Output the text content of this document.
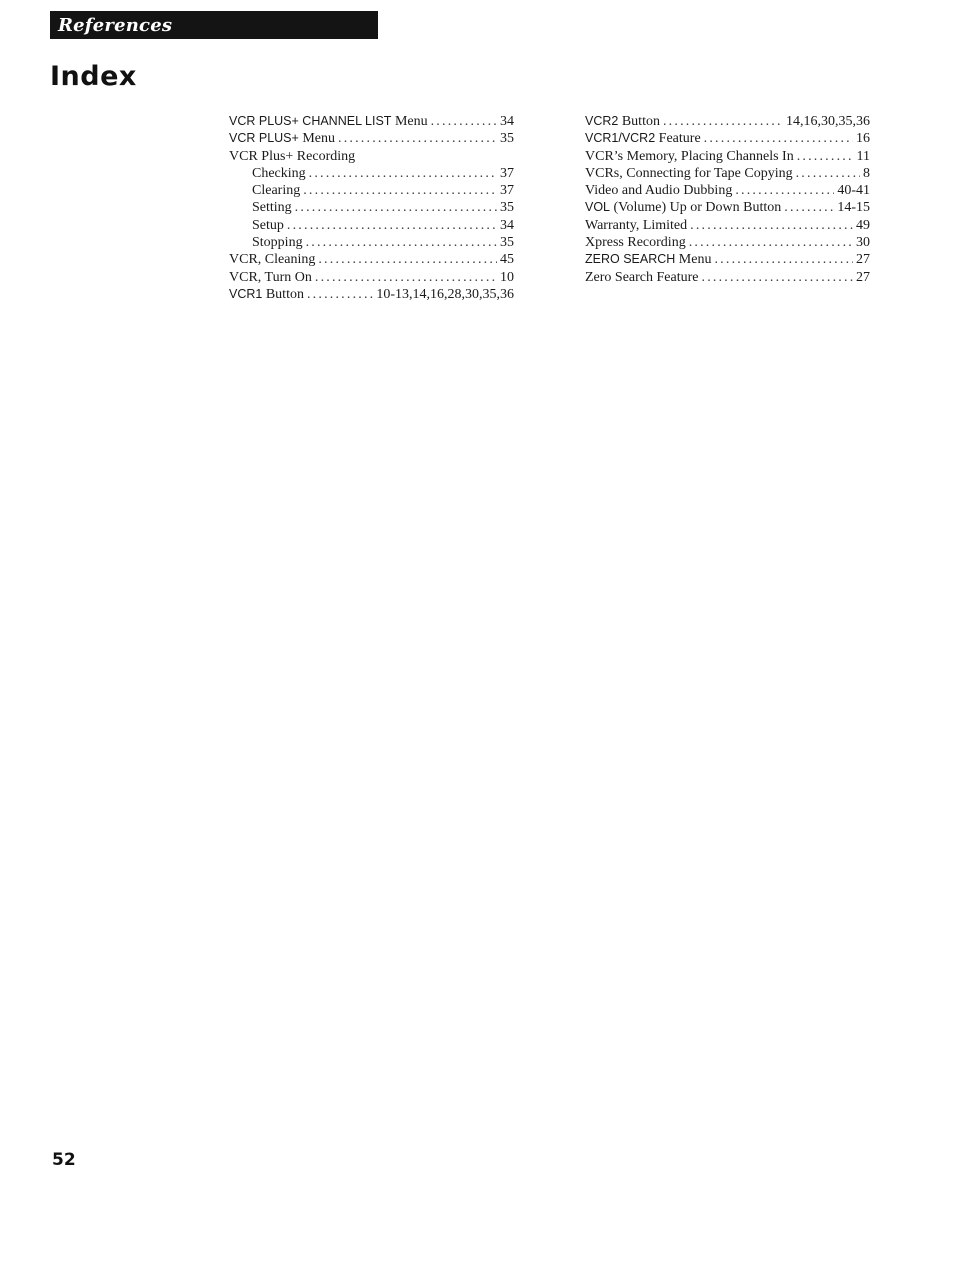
References
Index
VCR PLUS+ CHANNEL LIST Menu .....	34
VCR PLUS+ Menu .....	35
VCR Plus+ Recording
Checking .....	37
Clearing .....	37
Setting .....	35
Setup .....	34
Stopping .....	35
VCR, Cleaning .....	45
VCR, Turn On .....	10
VCR1 Button .....	10-13,14,16,28,30,35,36
VCR2 Button .....	14,16,30,35,36
VCR1/VCR2 Feature .....	16
VCR’s Memory, Placing Channels In .....	11
VCRs, Connecting for Tape Copying .....	8
Video and Audio Dubbing .....	40-41
VOL (Volume) Up or Down Button .....	14-15
Warranty, Limited .....	49
Xpress Recording .....	30
ZERO SEARCH Menu .....	27
Zero Search Feature .....	27

52
